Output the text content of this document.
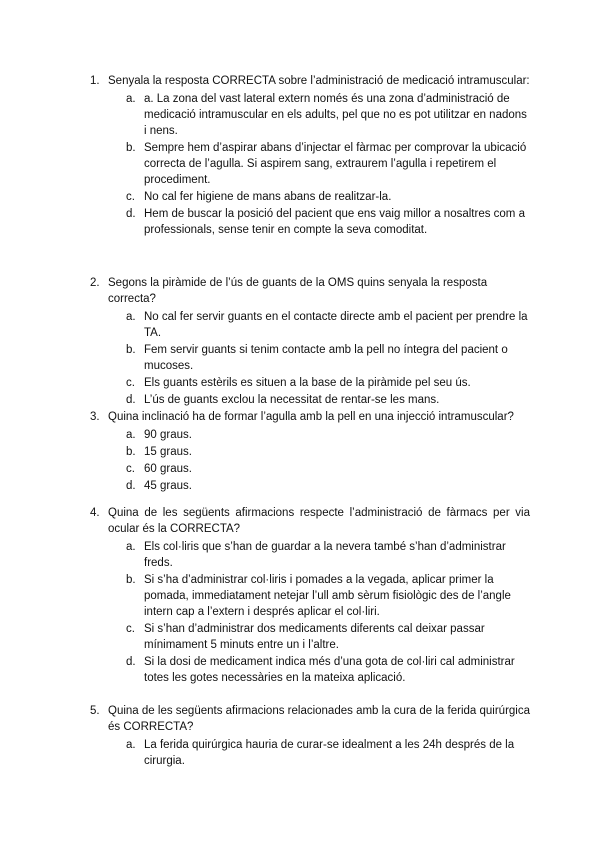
1. Senyala la resposta CORRECTA sobre l’administració de medicació intramuscular:
a. a. La zona del vast lateral extern només és una zona d’administració de medicació intramuscular en els adults, pel que no es pot utilitzar en nadons i nens.
b. Sempre hem d’aspirar abans d’injectar el fàrmac per comprovar la ubicació correcta de l’agulla. Si aspirem sang, extraurem l’agulla i repetirem el procediment.
c. No cal fer higiene de mans abans de realitzar-la.
d. Hem de buscar la posició del pacient que ens vaig millor a nosaltres com a professionals, sense tenir en compte la seva comoditat.
2. Segons la piràmide de l’ús de guants de la OMS quins senyala la resposta correcta?
a. No cal fer servir guants en el contacte directe amb el pacient per prendre la TA.
b. Fem servir guants si tenim contacte amb la pell no íntegra del pacient o mucoses.
c. Els guants estèrils es situen a la base de la piràmide pel seu ús.
d. L’ús de guants exclou la necessitat de rentar-se les mans.
3. Quina inclinació ha de formar l’agulla amb la pell en una injecció intramuscular?
a. 90 graus.
b. 15 graus.
c. 60 graus.
d. 45 graus.
4. Quina de les següents afirmacions respecte l’administració de fàrmacs per via ocular és la CORRECTA?
a. Els col·liris que s’han de guardar a la nevera també s’han d’administrar freds.
b. Si s’ha d’administrar col·liris i pomades a la vegada, aplicar primer la pomada, immediatament netejar l’ull amb sèrum fisiològic des de l’angle intern cap a l’extern i després aplicar el col·liri.
c. Si s’han d’administrar dos medicaments diferents cal deixar passar mínimament 5 minuts entre un i l’altre.
d. Si la dosi de medicament indica més d’una gota de col·liri cal administrar totes les gotes necessàries en la mateixa aplicació.
5. Quina de les següents afirmacions relacionades amb la cura de la ferida quirúrgica és CORRECTA?
a. La ferida quirúrgica hauria de curar-se idealment a les 24h després de la cirurgia.
